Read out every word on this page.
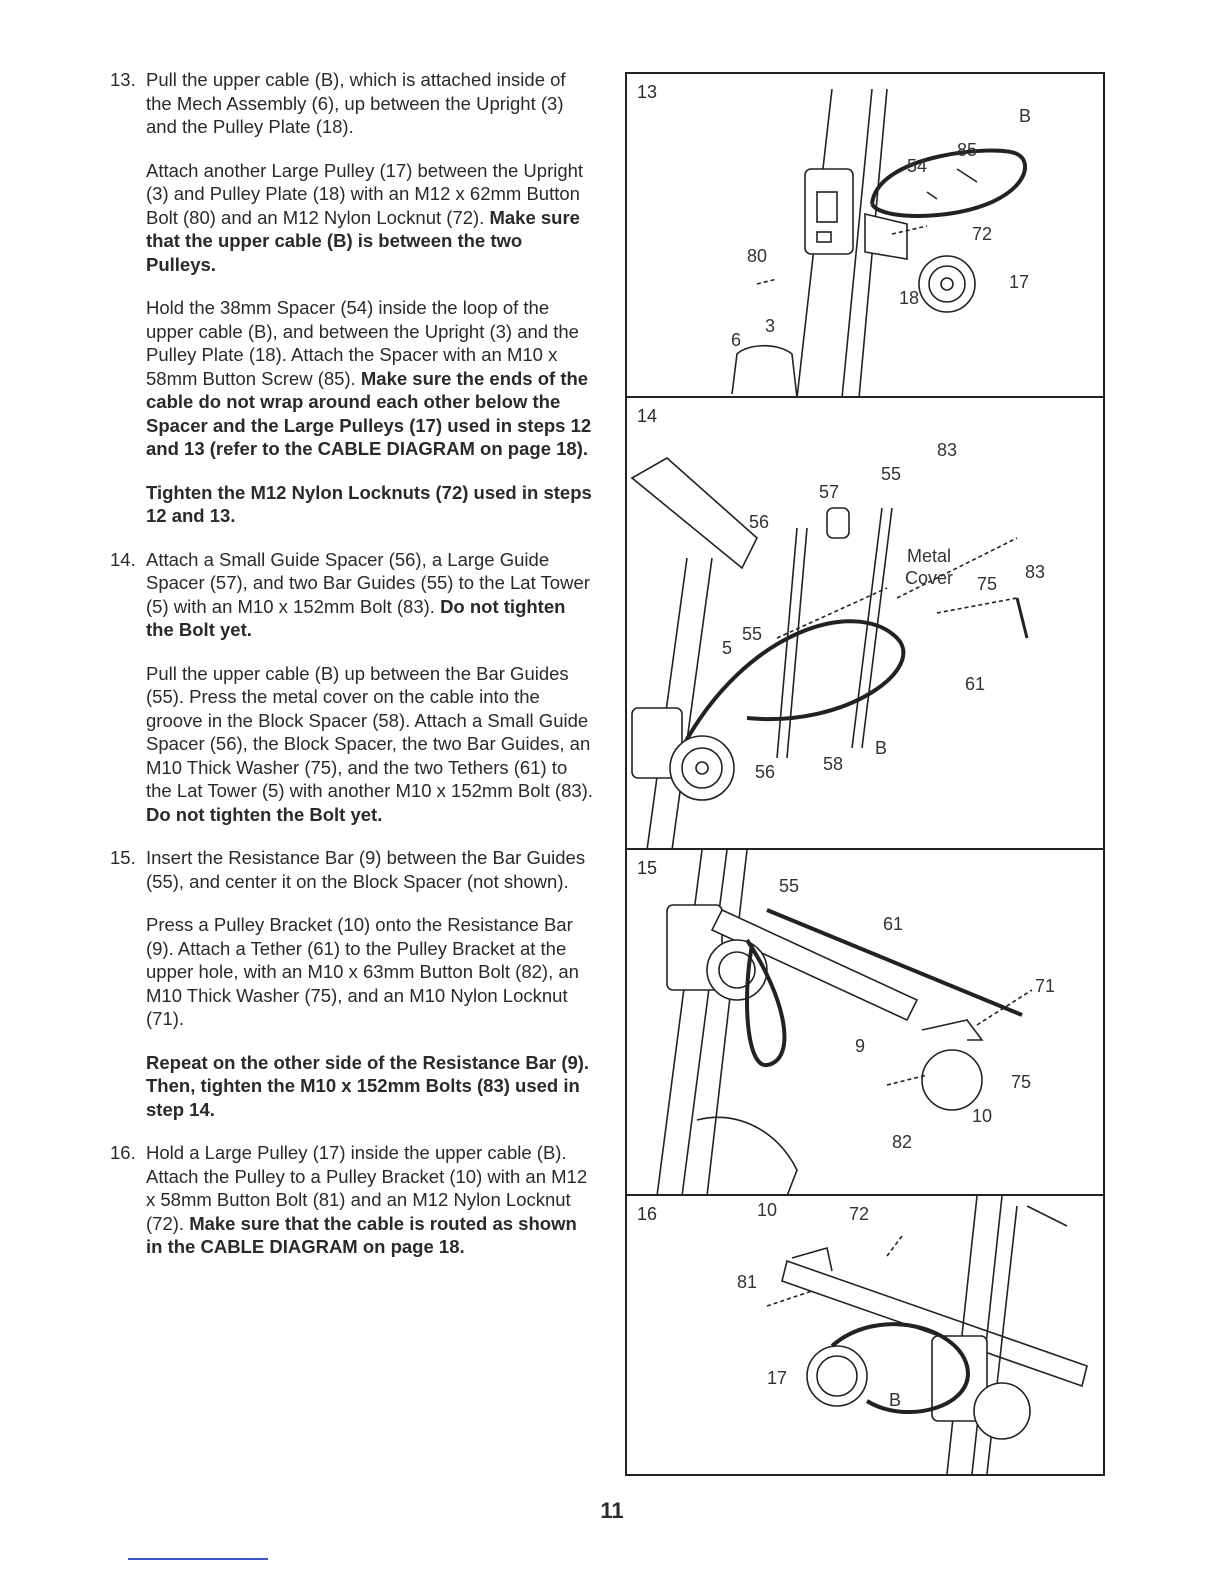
13. Pull the upper cable (B), which is attached inside of the Mech Assembly (6), up between the Upright (3) and the Pulley Plate (18).

Attach another Large Pulley (17) between the Upright (3) and Pulley Plate (18) with an M12 x 62mm Button Bolt (80) and an M12 Nylon Locknut (72). Make sure that the upper cable (B) is between the two Pulleys.

Hold the 38mm Spacer (54) inside the loop of the upper cable (B), and between the Upright (3) and the Pulley Plate (18). Attach the Spacer with an M10 x 58mm Button Screw (85). Make sure the ends of the cable do not wrap around each other below the Spacer and the Large Pulleys (17) used in steps 12 and 13 (refer to the CABLE DIAGRAM on page 18).

Tighten the M12 Nylon Locknuts (72) used in steps 12 and 13.

14. Attach a Small Guide Spacer (56), a Large Guide Spacer (57), and two Bar Guides (55) to the Lat Tower (5) with an M10 x 152mm Bolt (83). Do not tighten the Bolt yet.

Pull the upper cable (B) up between the Bar Guides (55). Press the metal cover on the cable into the groove in the Block Spacer (58). Attach a Small Guide Spacer (56), the Block Spacer, the two Bar Guides, an M10 Thick Washer (75), and the two Tethers (61) to the Lat Tower (5) with another M10 x 152mm Bolt (83). Do not tighten the Bolt yet.

15. Insert the Resistance Bar (9) between the Bar Guides (55), and center it on the Block Spacer (not shown).

Press a Pulley Bracket (10) onto the Resistance Bar (9). Attach a Tether (61) to the Pulley Bracket at the upper hole, with an M10 x 63mm Button Bolt (82), an M10 Thick Washer (75), and an M10 Nylon Locknut (71).

Repeat on the other side of the Resistance Bar (9). Then, tighten the M10 x 152mm Bolts (83) used in step 14.

16. Hold a Large Pulley (17) inside the upper cable (B). Attach the Pulley to a Pulley Bracket (10) with an M12 x 58mm Button Bolt (81) and an M12 Nylon Locknut (72). Make sure that the cable is routed as shown in the CABLE DIAGRAM on page 18.

13
B
85
54
72
80
17
18
3
6
14
83
55
57
56
Metal
Cover 75
83
55
5
61
B
56	58
15
55
61
71
9
75
10
82
16	10	72
81
17
B
11
